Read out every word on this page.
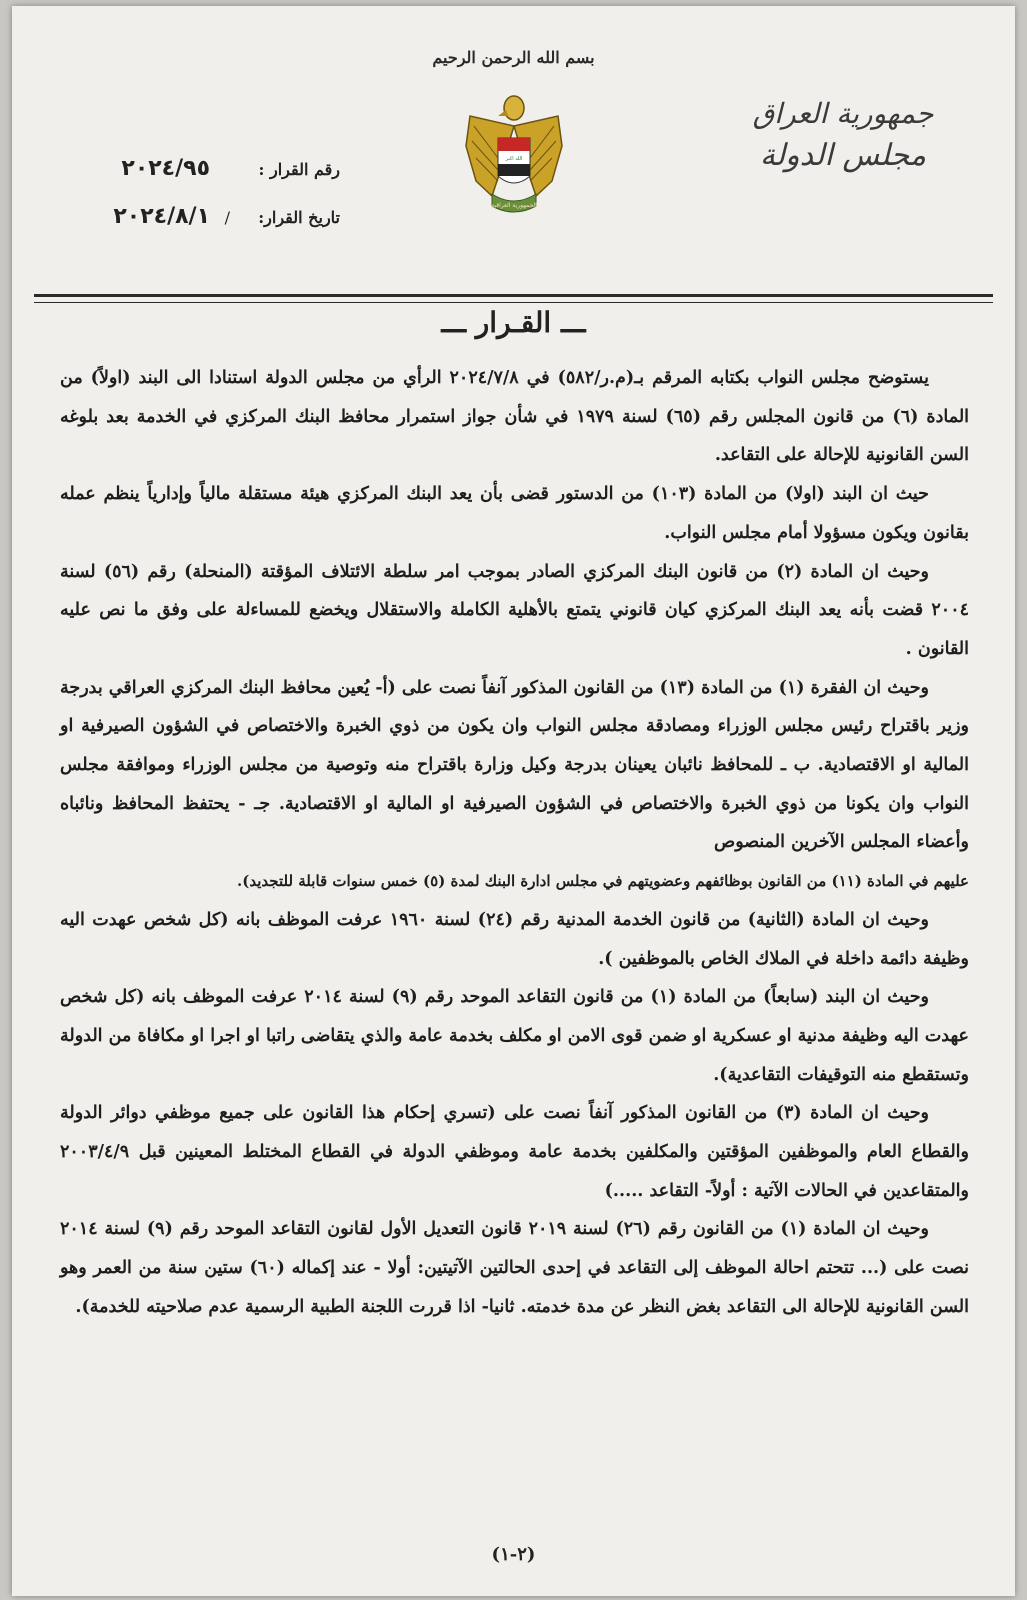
بسم الله الرحمن الرحيم
جمهورية العراق
مجلس الدولة
الله اكبر
الجمهورية العراقية
رقم القرار :
٢٠٢٤/٩٥
تاريخ القرار:
/
٢٠٢٤/٨/١
ـــ القـرار ـــ

يستوضح مجلس النواب بكتابه المرقم بـ(م.ر/٥٨٢) في ٢٠٢٤/٧/٨ الرأي من مجلس الدولة استنادا الى البند (اولاً) من المادة (٦) من قانون المجلس رقم (٦٥) لسنة ١٩٧٩ في شأن جواز استمرار محافظ البنك المركزي في الخدمة بعد بلوغه السن القانونية للإحالة على التقاعد.

حيث ان البند (اولا) من المادة (١٠٣) من الدستور قضى بأن يعد البنك المركزي هيئة مستقلة مالياً وإدارياً ينظم عمله بقانون ويكون مسؤولا أمام مجلس النواب.

وحيث ان المادة (٢) من قانون البنك المركزي الصادر بموجب امر سلطة الائتلاف المؤقتة (المنحلة) رقم (٥٦) لسنة ٢٠٠٤ قضت بأنه يعد البنك المركزي كيان قانوني يتمتع بالأهلية الكاملة والاستقلال ويخضع للمساءلة على وفق ما نص عليه القانون .

وحيث ان الفقرة (١) من المادة (١٣) من القانون المذكور آنفاً نصت على (أ- يُعين محافظ البنك المركزي العراقي بدرجة وزير باقتراح رئيس مجلس الوزراء ومصادقة مجلس النواب وان يكون من ذوي الخبرة والاختصاص في الشؤون الصيرفية او المالية او الاقتصادية. ب ـ للمحافظ نائبان يعينان بدرجة وكيل وزارة باقتراح منه وتوصية من مجلس الوزراء وموافقة مجلس النواب وان يكونا من ذوي الخبرة والاختصاص في الشؤون الصيرفية او المالية او الاقتصادية. جـ - يحتفظ المحافظ ونائباه وأعضاء المجلس الآخرين المنصوص

عليهم في المادة (١١) من القانون بوظائفهم وعضويتهم في مجلس ادارة البنك لمدة (٥) خمس سنوات قابلة للتجديد).

وحيث ان المادة (الثانية) من قانون الخدمة المدنية رقم (٢٤) لسنة ١٩٦٠ عرفت الموظف بانه (كل شخص عهدت اليه وظيفة دائمة داخلة في الملاك الخاص بالموظفين ).

وحيث ان البند (سابعاً) من المادة (١) من قانون التقاعد الموحد رقم (٩) لسنة ٢٠١٤ عرفت الموظف بانه (كل شخص عهدت اليه وظيفة مدنية او عسكرية او ضمن قوى الامن او مكلف بخدمة عامة والذي يتقاضى راتبا او اجرا او مكافاة من الدولة وتستقطع منه التوقيفات التقاعدية).

وحيث ان المادة (٣) من القانون المذكور آنفاً نصت على (تسري إحكام هذا القانون على جميع موظفي دوائر الدولة والقطاع العام والموظفين المؤقتين والمكلفين بخدمة عامة وموظفي الدولة في القطاع المختلط المعينين قبل ٢٠٠٣/٤/٩ والمتقاعدين في الحالات الآتية : أولاً- التقاعد .....)

وحيث ان المادة (١) من القانون رقم (٢٦) لسنة ٢٠١٩ قانون التعديل الأول لقانون التقاعد الموحد رقم (٩) لسنة ٢٠١٤ نصت على (... تتحتم احالة الموظف إلى التقاعد في إحدى الحالتين الآتيتين: أولا - عند إكماله (٦٠) ستين سنة من العمر وهو السن القانونية للإحالة الى التقاعد بغض النظر عن مدة خدمته. ثانيا- اذا قررت اللجنة الطبية الرسمية عدم صلاحيته للخدمة).

(٢-١)
